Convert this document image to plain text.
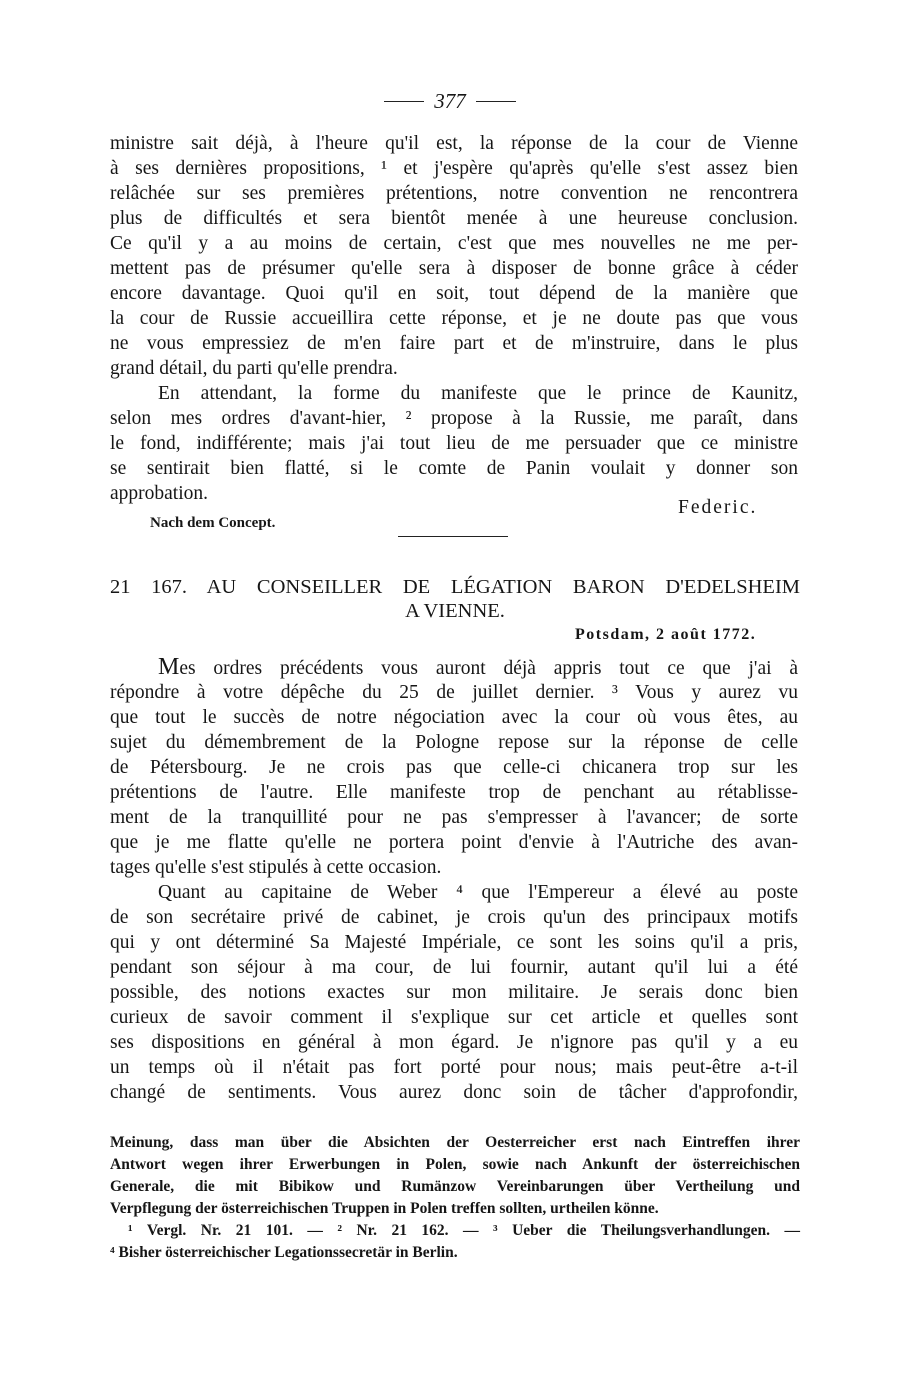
377
ministre sait déjà, à l'heure qu'il est, la réponse de la cour de Vienne
à ses dernières propositions, ¹ et j'espère qu'après qu'elle s'est assez bien
relâchée sur ses premières prétentions, notre convention ne rencontrera
plus de difficultés et sera bientôt menée à une heureuse conclusion.
Ce qu'il y a au moins de certain, c'est que mes nouvelles ne me per-
mettent pas de présumer qu'elle sera à disposer de bonne grâce à céder
encore davantage. Quoi qu'il en soit, tout dépend de la manière que
la cour de Russie accueillira cette réponse, et je ne doute pas que vous
ne vous empressiez de m'en faire part et de m'instruire, dans le plus
grand détail, du parti qu'elle prendra.
En attendant, la forme du manifeste que le prince de Kaunitz,
selon mes ordres d'avant-hier, ² propose à la Russie, me paraît, dans
le fond, indifférente; mais j'ai tout lieu de me persuader que ce ministre
se sentirait bien flatté, si le comte de Panin voulait y donner son
approbation.
Federic.
Nach dem Concept.
21 167. AU CONSEILLER DE LÉGATION BARON D'EDELSHEIM
A VIENNE.
Potsdam, 2 août 1772.
Mes ordres précédents vous auront déjà appris tout ce que j'ai à
répondre à votre dépêche du 25 de juillet dernier. ³ Vous y aurez vu
que tout le succès de notre négociation avec la cour où vous êtes, au
sujet du démembrement de la Pologne repose sur la réponse de celle
de Pétersbourg. Je ne crois pas que celle-ci chicanera trop sur les
prétentions de l'autre. Elle manifeste trop de penchant au rétablisse-
ment de la tranquillité pour ne pas s'empresser à l'avancer; de sorte
que je me flatte qu'elle ne portera point d'envie à l'Autriche des avan-
tages qu'elle s'est stipulés à cette occasion.
Quant au capitaine de Weber ⁴ que l'Empereur a élevé au poste
de son secrétaire privé de cabinet, je crois qu'un des principaux motifs
qui y ont déterminé Sa Majesté Impériale, ce sont les soins qu'il a pris,
pendant son séjour à ma cour, de lui fournir, autant qu'il lui a été
possible, des notions exactes sur mon militaire. Je serais donc bien
curieux de savoir comment il s'explique sur cet article et quelles sont
ses dispositions en général à mon égard. Je n'ignore pas qu'il y a eu
un temps où il n'était pas fort porté pour nous; mais peut-être a-t-il
changé de sentiments. Vous aurez donc soin de tâcher d'approfondir,
Meinung, dass man über die Absichten der Oesterreicher erst nach Eintreffen ihrer
Antwort wegen ihrer Erwerbungen in Polen, sowie nach Ankunft der österreichischen
Generale, die mit Bibikow und Rumänzow Vereinbarungen über Vertheilung und
Verpflegung der österreichischen Truppen in Polen treffen sollten, urtheilen könne.
¹ Vergl. Nr. 21 101. — ² Nr. 21 162. — ³ Ueber die Theilungsverhandlungen. —
⁴ Bisher österreichischer Legationssecretär in Berlin.
